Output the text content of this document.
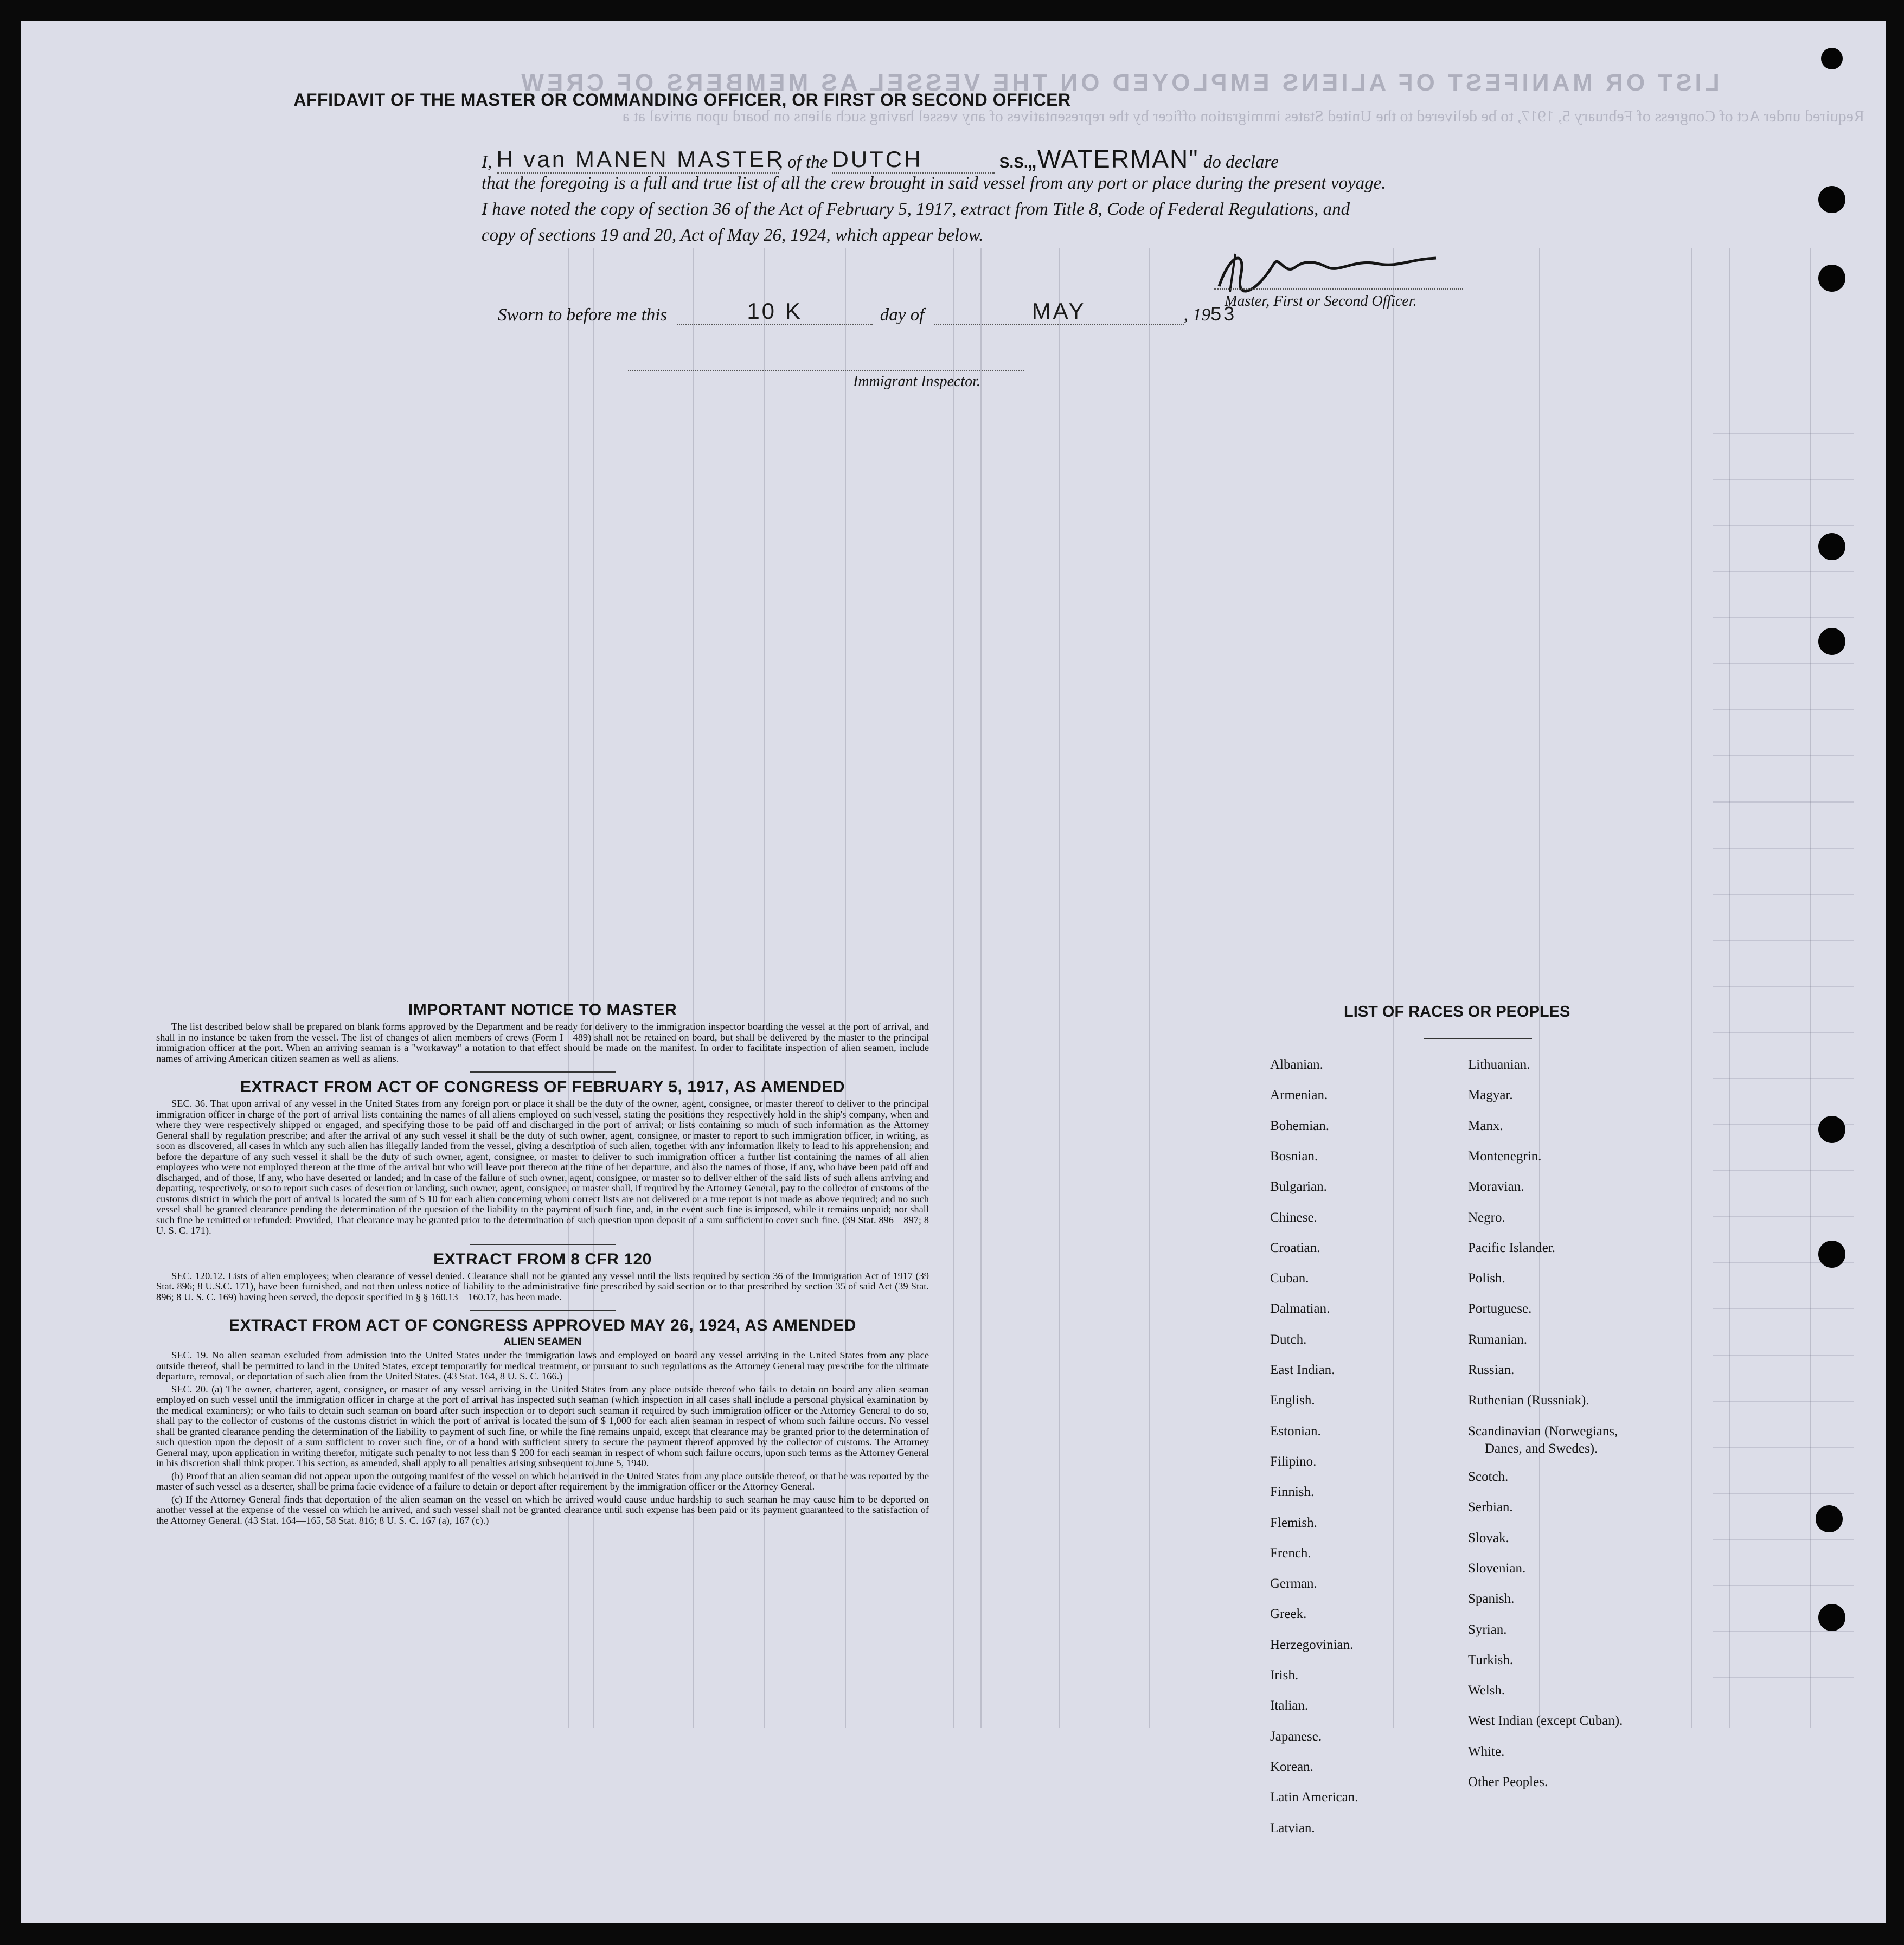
LIST OR MANIFEST OF ALIENS EMPLOYED ON THE VESSEL AS MEMBERS OF CREW
Required under Act of Congress of February 5, 1917, to be delivered to the United States immigration officer by the representatives of any vessel having such aliens on board upon arrival at a
AFFIDAVIT OF THE MASTER OR COMMANDING OFFICER, OR FIRST OR SECOND OFFICER
I, H van MANEN MASTER, of the DUTCH	S.S.„WATERMAN" do declare
that the foregoing is a full and true list of all the crew brought in said vessel from any port or place during the present voyage.
I have noted the copy of section 36 of the Act of February 5, 1917, extract from Title 8, Code of Federal Regulations, and
copy of sections 19 and 20, Act of May 26, 1924, which appear below.
Master, First or Second Officer.
Sworn to before me this	10 K	day of	MAY	, 1953
Immigrant Inspector.
IMPORTANT NOTICE TO MASTER

The list described below shall be prepared on blank forms approved by the Department and be ready for delivery to the immigration inspector boarding the vessel at the port of arrival, and shall in no instance be taken from the vessel. The list of changes of alien members of crews (Form I—489) shall not be retained on board, but shall be delivered by the master to the principal immigration officer at the port. When an arriving seaman is a "workaway" a notation to that effect should be made on the manifest. In order to facilitate inspection of alien seamen, include names of arriving American citizen seamen as well as aliens.

EXTRACT FROM ACT OF CONGRESS OF FEBRUARY 5, 1917, AS AMENDED

SEC. 36. That upon arrival of any vessel in the United States from any foreign port or place it shall be the duty of the owner, agent, consignee, or master thereof to deliver to the principal immigration officer in charge of the port of arrival lists containing the names of all aliens employed on such vessel, stating the positions they respectively hold in the ship's company, when and where they were respectively shipped or engaged, and specifying those to be paid off and discharged in the port of arrival; or lists containing so much of such information as the Attorney General shall by regulation prescribe; and after the arrival of any such vessel it shall be the duty of such owner, agent, consignee, or master to report to such immigration officer, in writing, as soon as discovered, all cases in which any such alien has illegally landed from the vessel, giving a description of such alien, together with any information likely to lead to his apprehension; and before the departure of any such vessel it shall be the duty of such owner, agent, consignee, or master to deliver to such immigration officer a further list containing the names of all alien employees who were not employed thereon at the time of the arrival but who will leave port thereon at the time of her departure, and also the names of those, if any, who have been paid off and discharged, and of those, if any, who have deserted or landed; and in case of the failure of such owner, agent, consignee, or master so to deliver either of the said lists of such aliens arriving and departing, respectively, or so to report such cases of desertion or landing, such owner, agent, consignee, or master shall, if required by the Attorney General, pay to the collector of customs of the customs district in which the port of arrival is located the sum of $ 10 for each alien concerning whom correct lists are not delivered or a true report is not made as above required; and no such vessel shall be granted clearance pending the determination of the question of the liability to the payment of such fine, and, in the event such fine is imposed, while it remains unpaid; nor shall such fine be remitted or refunded: Provided, That clearance may be granted prior to the determination of such question upon deposit of a sum sufficient to cover such fine. (39 Stat. 896—897; 8 U. S. C. 171).

EXTRACT FROM 8 CFR 120

SEC. 120.12. Lists of alien employees; when clearance of vessel denied. Clearance shall not be granted any vessel until the lists required by section 36 of the Immigration Act of 1917 (39 Stat. 896; 8 U.S.C. 171), have been furnished, and not then unless notice of liability to the administrative fine prescribed by said section or to that prescribed by section 35 of said Act (39 Stat. 896; 8 U. S. C. 169) having been served, the deposit specified in § § 160.13—160.17, has been made.

EXTRACT FROM ACT OF CONGRESS APPROVED MAY 26, 1924, AS AMENDED
ALIEN SEAMEN

SEC. 19. No alien seaman excluded from admission into the United States under the immigration laws and employed on board any vessel arriving in the United States from any place outside thereof, shall be permitted to land in the United States, except temporarily for medical treatment, or pursuant to such regulations as the Attorney General may prescribe for the ultimate departure, removal, or deportation of such alien from the United States. (43 Stat. 164, 8 U. S. C. 166.)

SEC. 20. (a) The owner, charterer, agent, consignee, or master of any vessel arriving in the United States from any place outside thereof who fails to detain on board any alien seaman employed on such vessel until the immigration officer in charge at the port of arrival has inspected such seaman (which inspection in all cases shall include a personal physical examination by the medical examiners); or who fails to detain such seaman on board after such inspection or to deport such seaman if required by such immigration officer or the Attorney General to do so, shall pay to the collector of customs of the customs district in which the port of arrival is located the sum of $ 1,000 for each alien seaman in respect of whom such failure occurs. No vessel shall be granted clearance pending the determination of the liability to payment of such fine, or while the fine remains unpaid, except that clearance may be granted prior to the determination of such question upon the deposit of a sum sufficient to cover such fine, or of a bond with sufficient surety to secure the payment thereof approved by the collector of customs. The Attorney General may, upon application in writing therefor, mitigate such penalty to not less than $ 200 for each seaman in respect of whom such failure occurs, upon such terms as the Attorney General in his discretion shall think proper. This section, as amended, shall apply to all penalties arising subsequent to June 5, 1940.

(b) Proof that an alien seaman did not appear upon the outgoing manifest of the vessel on which he arrived in the United States from any place outside thereof, or that he was reported by the master of such vessel as a deserter, shall be prima facie evidence of a failure to detain or deport after requirement by the immigration officer or the Attorney General.

(c) If the Attorney General finds that deportation of the alien seaman on the vessel on which he arrived would cause undue hardship to such seaman he may cause him to be deported on another vessel at the expense of the vessel on which he arrived, and such vessel shall not be granted clearance until such expense has been paid or its payment guaranteed to the satisfaction of the Attorney General. (43 Stat. 164—165, 58 Stat. 816; 8 U. S. C. 167 (a), 167 (c).)

LIST OF RACES OR PEOPLES
Albanian.
Armenian.
Bohemian.
Bosnian.
Bulgarian.
Chinese.
Croatian.
Cuban.
Dalmatian.
Dutch.
East Indian.
English.
Estonian.
Filipino.
Finnish.
Flemish.
French.
German.
Greek.
Herzegovinian.
Irish.
Italian.
Japanese.
Korean.
Latin American.
Latvian.
Lithuanian.
Magyar.
Manx.
Montenegrin.
Moravian.
Negro.
Pacific Islander.
Polish.
Portuguese.
Rumanian.
Russian.
Ruthenian (Russniak).
Scandinavian (Norwegians,
Danes, and Swedes).
Scotch.
Serbian.
Slovak.
Slovenian.
Spanish.
Syrian.
Turkish.
Welsh.
West Indian (except Cuban).
White.
Other Peoples.
